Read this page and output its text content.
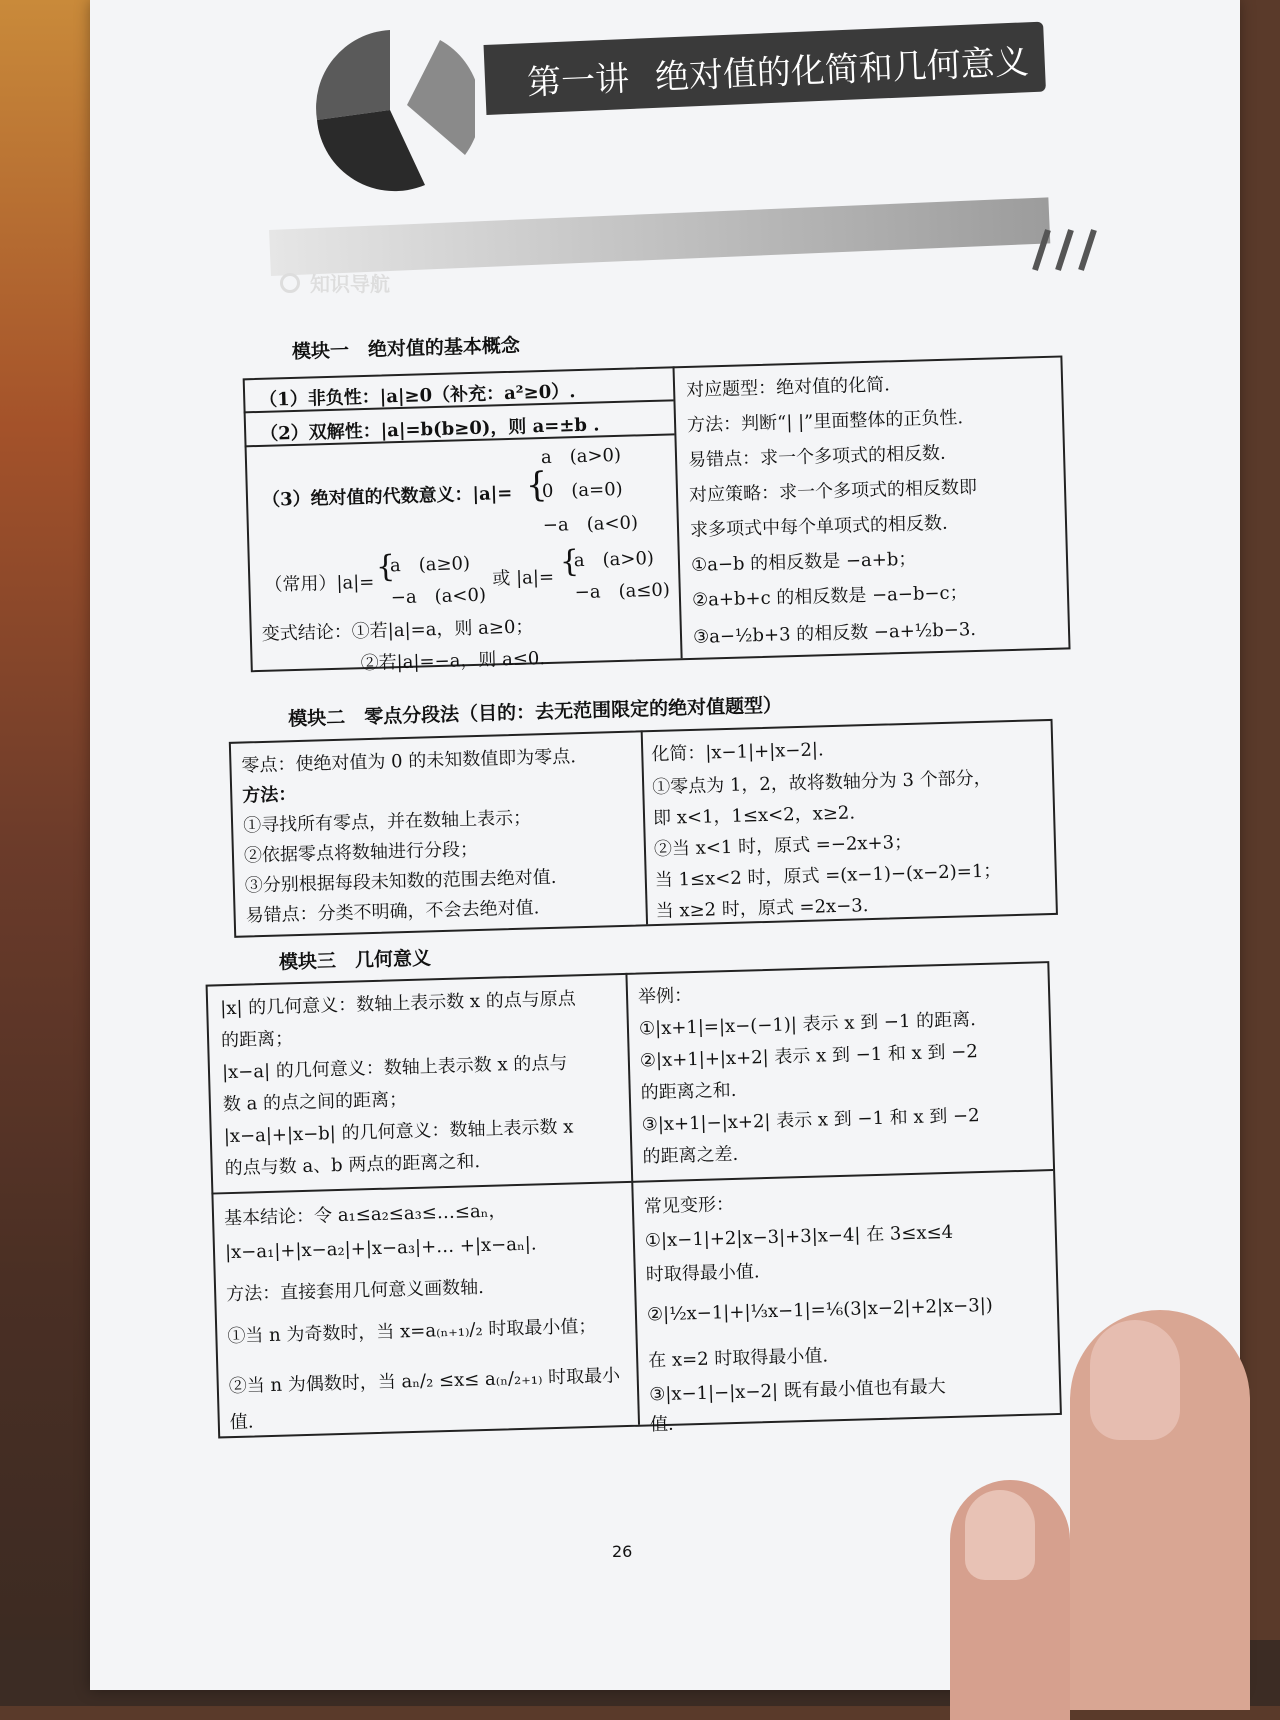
第一讲 绝对值的化简和几何意义
知识导航
模块一　绝对值的基本概念
（1）非负性：|a|≥0（补充：a²≥0）.
（2）双解性：|a|=b(b≥0)，则 a=±b .
（3）绝对值的代数意义：|a|= {
a　(a>0)
0　(a=0)
−a　(a<0)
（常用）|a|= {
a　(a≥0)
−a　(a<0)
或 |a|= {
a　(a>0)
−a　(a≤0)
变式结论：①若|a|=a，则 a≥0；
②若|a|=−a，则 a≤0.
对应题型：绝对值的化简.
方法：判断“| |”里面整体的正负性.
易错点：求一个多项式的相反数.
对应策略：求一个多项式的相反数即
求多项式中每个单项式的相反数.
①a−b 的相反数是 −a+b；
②a+b+c 的相反数是 −a−b−c；
③a−½b+3 的相反数 −a+½b−3.
模块二　零点分段法（目的：去无范围限定的绝对值题型）
零点：使绝对值为 0 的未知数值即为零点.
方法：
①寻找所有零点，并在数轴上表示；
②依据零点将数轴进行分段；
③分别根据每段未知数的范围去绝对值.
易错点：分类不明确，不会去绝对值.
化简：|x−1|+|x−2|.
①零点为 1，2，故将数轴分为 3 个部分，
即 x<1，1≤x<2，x≥2.
②当 x<1 时，原式 =−2x+3；
当 1≤x<2 时，原式 =(x−1)−(x−2)=1；
当 x≥2 时，原式 =2x−3.
模块三　几何意义
|x| 的几何意义：数轴上表示数 x 的点与原点
的距离；
|x−a| 的几何意义：数轴上表示数 x 的点与
数 a 的点之间的距离；
|x−a|+|x−b| 的几何意义：数轴上表示数 x
的点与数 a、b 两点的距离之和.
举例：
①|x+1|=|x−(−1)| 表示 x 到 −1 的距离.
②|x+1|+|x+2| 表示 x 到 −1 和 x 到 −2
的距离之和.
③|x+1|−|x+2| 表示 x 到 −1 和 x 到 −2
的距离之差.
基本结论：令 a₁≤a₂≤a₃≤…≤aₙ，
|x−a₁|+|x−a₂|+|x−a₃|+… +|x−aₙ|.
方法：直接套用几何意义画数轴.
①当 n 为奇数时，当 x=a₍ₙ₊₁₎/₂ 时取最小值；
②当 n 为偶数时，当 aₙ/₂ ≤x≤ a₍ₙ/₂₊₁₎ 时取最小
值.
常见变形：
①|x−1|+2|x−3|+3|x−4| 在 3≤x≤4
时取得最小值.
②|½x−1|+|⅓x−1|=⅙(3|x−2|+2|x−3|)
在 x=2 时取得最小值.
③|x−1|−|x−2| 既有最小值也有最大
值.
26
